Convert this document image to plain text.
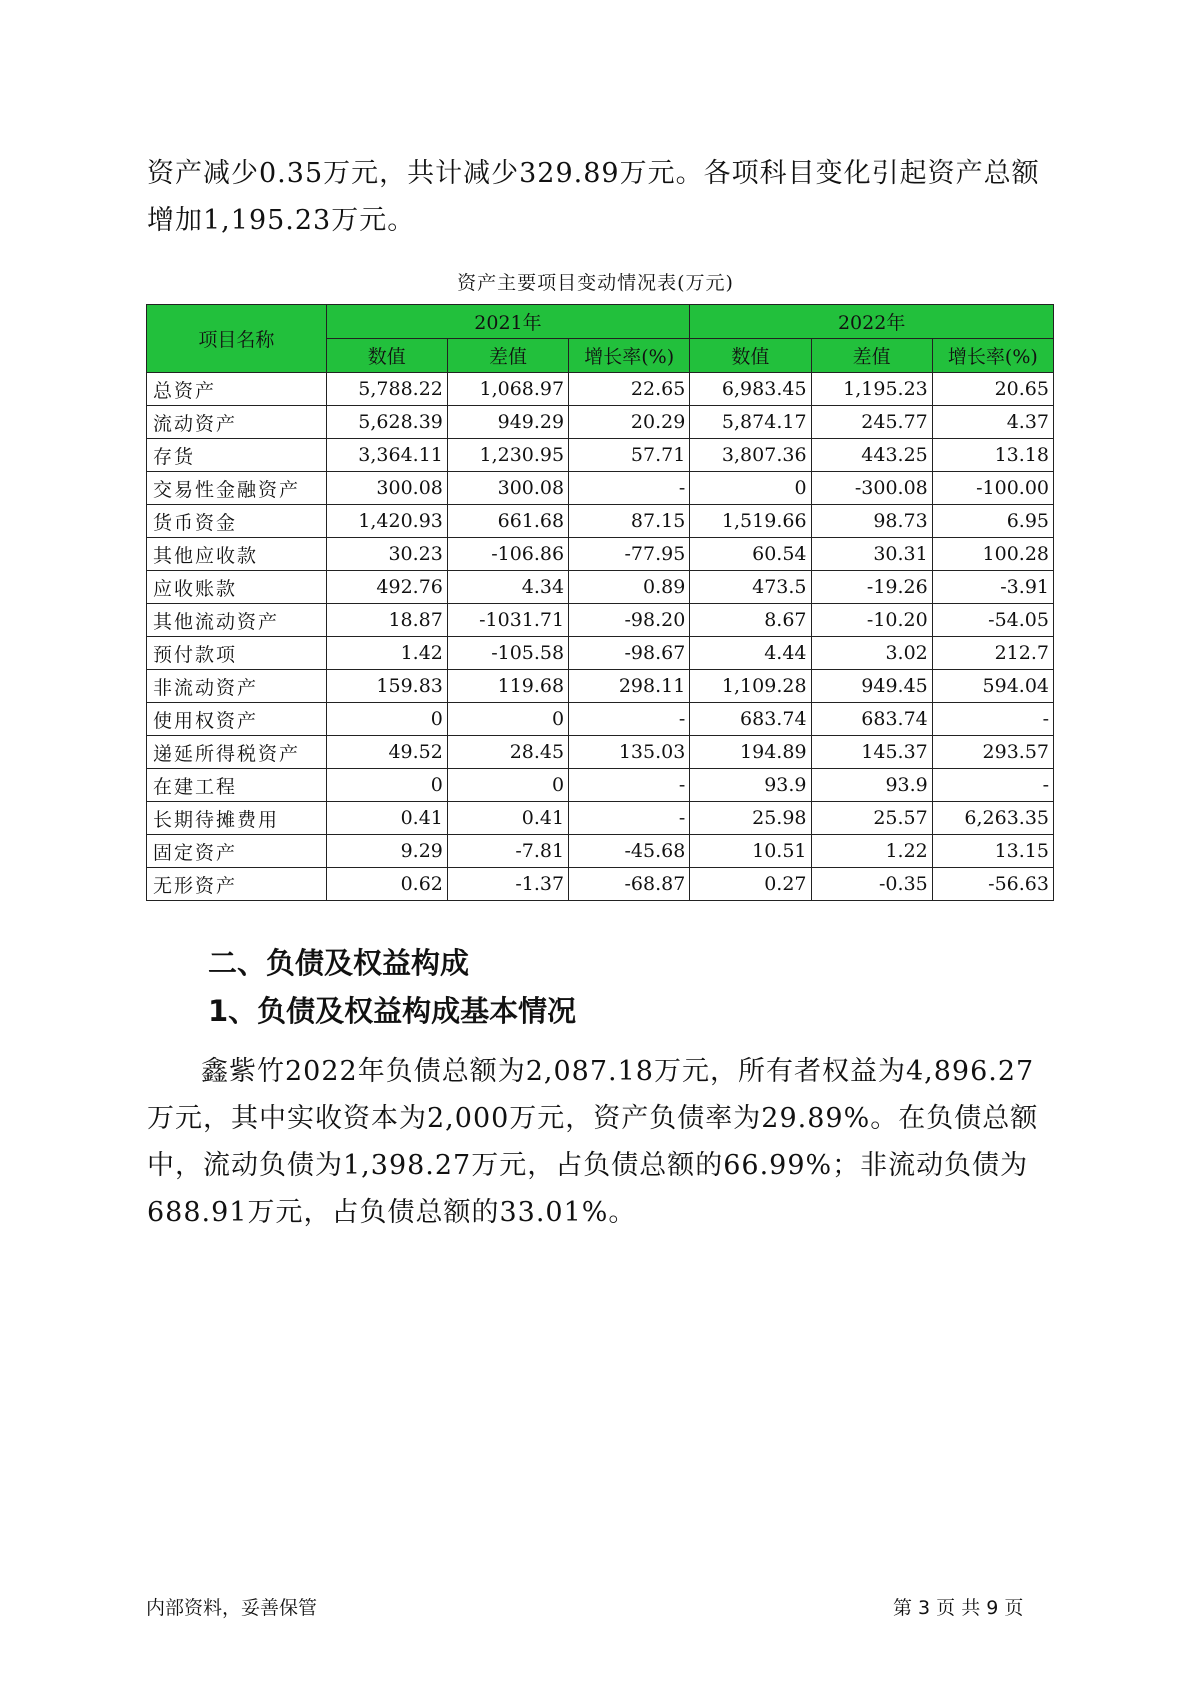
资产减少0.35万元，共计减少329.89万元。各项科目变化引起资产总额增加1,195.23万元。
资产主要项目变动情况表(万元)
项目名称	2021年			2022年		
	数值	差值	增长率(%)	数值	差值	增长率(%)
总资产	5,788.22	1,068.97	22.65	6,983.45	1,195.23	20.65
流动资产	5,628.39	949.29	20.29	5,874.17	245.77	4.37
存货	3,364.11	1,230.95	57.71	3,807.36	443.25	13.18
交易性金融资产	300.08	300.08	-	0	-300.08	-100.00
货币资金	1,420.93	661.68	87.15	1,519.66	98.73	6.95
其他应收款	30.23	-106.86	-77.95	60.54	30.31	100.28
应收账款	492.76	4.34	0.89	473.5	-19.26	-3.91
其他流动资产	18.87	-1031.71	-98.20	8.67	-10.20	-54.05
预付款项	1.42	-105.58	-98.67	4.44	3.02	212.7
非流动资产	159.83	119.68	298.11	1,109.28	949.45	594.04
使用权资产	0	0	-	683.74	683.74	-
递延所得税资产	49.52	28.45	135.03	194.89	145.37	293.57
在建工程	0	0	-	93.9	93.9	-
长期待摊费用	0.41	0.41	-	25.98	25.57	6,263.35
固定资产	9.29	-7.81	-45.68	10.51	1.22	13.15
无形资产	0.62	-1.37	-68.87	0.27	-0.35	-56.63
二、负债及权益构成
1、负债及权益构成基本情况
鑫紫竹2022年负债总额为2,087.18万元，所有者权益为4,896.27万元，其中实收资本为2,000万元，资产负债率为29.89%。在负债总额中，流动负债为1,398.27万元，占负债总额的66.99%；非流动负债为688.91万元，占负债总额的33.01%。
内部资料，妥善保管	第 3 页 共 9 页
